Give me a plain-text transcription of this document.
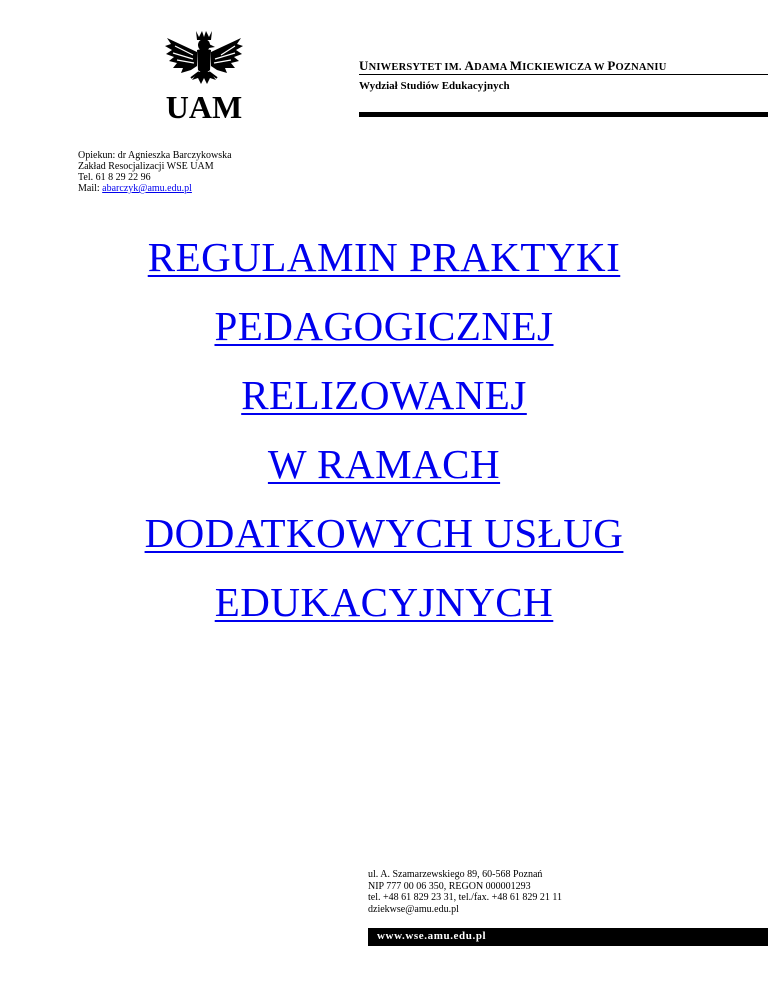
UAM
UNIWERSYTET IM. ADAMA MICKIEWICZA W POZNANIU
Wydział Studiów Edukacyjnych
Opiekun: dr Agnieszka Barczykowska
Zakład Resocjalizacji WSE UAM
Tel. 61 8 29 22 96
Mail: abarczyk@amu.edu.pl
REGULAMIN PRAKTYKI
PEDAGOGICZNEJ
RELIZOWANEJ
W RAMACH
DODATKOWYCH USŁUG
EDUKACYJNYCH
ul. A. Szamarzewskiego 89, 60-568 Poznań
NIP 777 00 06 350, REGON 000001293
tel. +48 61 829 23 31, tel./fax. +48 61 829 21 11
dziekwse@amu.edu.pl
www.wse.amu.edu.pl
